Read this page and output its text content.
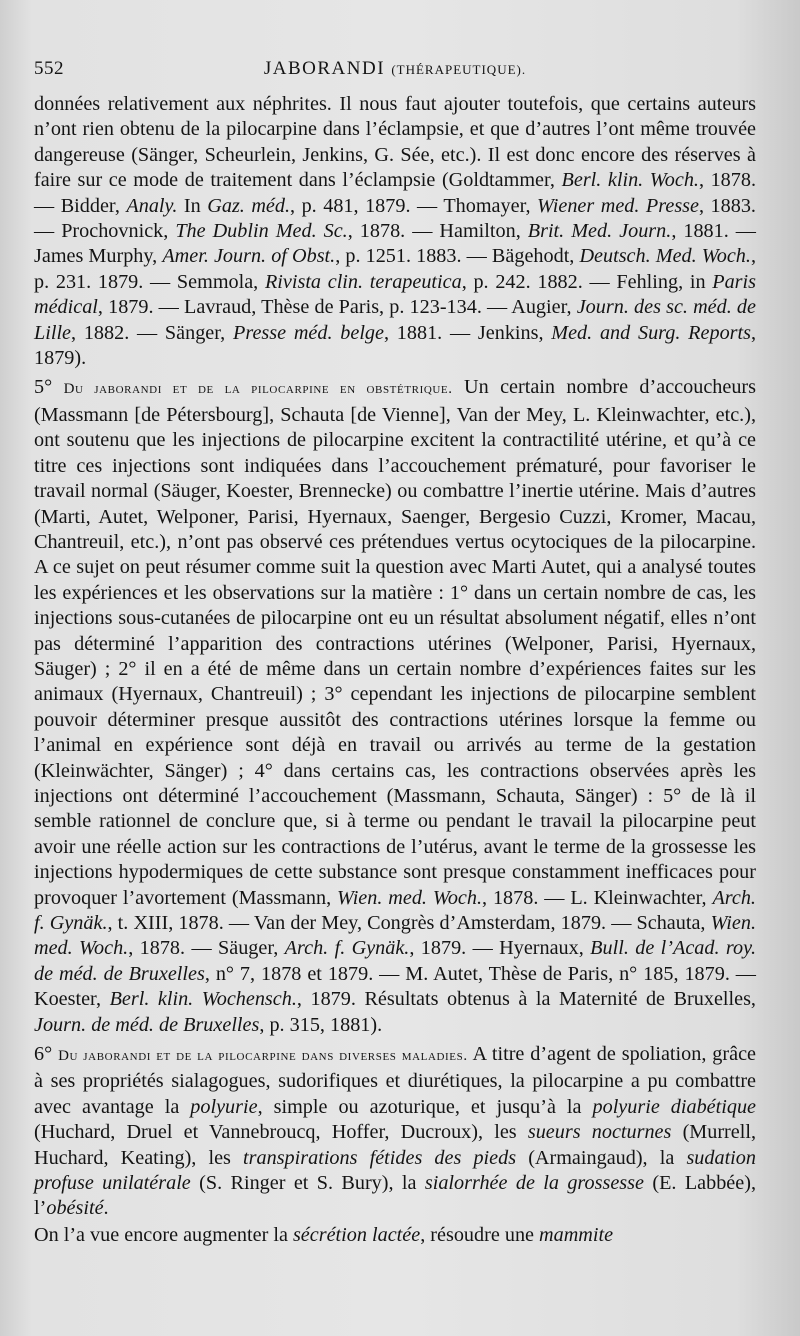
552	JABORANDI (THÉRAPEUTIQUE).

données relativement aux néphrites. Il nous faut ajouter toutefois, que certains auteurs n’ont rien obtenu de la pilocarpine dans l’éclampsie, et que d’autres l’ont même trouvée dangereuse (Sänger, Scheurlein, Jenkins, G. Sée, etc.). Il est donc encore des réserves à faire sur ce mode de traitement dans l’éclampsie (Goldtammer, Berl. klin. Woch., 1878. — Bidder, Analy. In Gaz. méd., p. 481, 1879. — Thomayer, Wiener med. Presse, 1883. — Prochovnick, The Dublin Med. Sc., 1878. — Hamilton, Brit. Med. Journ., 1881. — James Murphy, Amer. Journ. of Obst., p. 1251. 1883. — Bägehodt, Deutsch. Med. Woch., p. 231. 1879. — Semmola, Rivista clin. terapeutica, p. 242. 1882. — Fehling, in Paris médical, 1879. — Lavraud, Thèse de Paris, p. 123-134. — Augier, Journ. des sc. méd. de Lille, 1882. — Sänger, Presse méd. belge, 1881. — Jenkins, Med. and Surg. Reports, 1879).

5° Du jaborandi et de la pilocarpine en obstétrique. Un certain nombre d’accoucheurs (Massmann [de Pétersbourg], Schauta [de Vienne], Van der Mey, L. Kleinwachter, etc.), ont soutenu que les injections de pilocarpine excitent la contractilité utérine, et qu’à ce titre ces injections sont indiquées dans l’accouchement prématuré, pour favoriser le travail normal (Säuger, Koester, Brennecke) ou combattre l’inertie utérine. Mais d’autres (Marti, Autet, Welponer, Parisi, Hyernaux, Saenger, Bergesio Cuzzi, Kromer, Macau, Chantreuil, etc.), n’ont pas observé ces prétendues vertus ocytociques de la pilocarpine. A ce sujet on peut résumer comme suit la question avec Marti Autet, qui a analysé toutes les expériences et les observations sur la matière : 1° dans un certain nombre de cas, les injections sous-cutanées de pilocarpine ont eu un résultat absolument négatif, elles n’ont pas déterminé l’apparition des contractions utérines (Welponer, Parisi, Hyernaux, Säuger) ; 2° il en a été de même dans un certain nombre d’expériences faites sur les animaux (Hyernaux, Chantreuil) ; 3° cependant les injections de pilocarpine semblent pouvoir déterminer presque aussitôt des contractions utérines lorsque la femme ou l’animal en expérience sont déjà en travail ou arrivés au terme de la gestation (Kleinwächter, Sänger) ; 4° dans certains cas, les contractions observées après les injections ont déterminé l’accouchement (Massmann, Schauta, Sänger) : 5° de là il semble rationnel de conclure que, si à terme ou pendant le travail la pilocarpine peut avoir une réelle action sur les contractions de l’utérus, avant le terme de la grossesse les injections hypodermiques de cette substance sont presque constamment inefficaces pour provoquer l’avortement (Massmann, Wien. med. Woch., 1878. — L. Kleinwachter, Arch. f. Gynäk., t. XIII, 1878. — Van der Mey, Congrès d’Amsterdam, 1879. — Schauta, Wien. med. Woch., 1878. — Säuger, Arch. f. Gynäk., 1879. — Hyernaux, Bull. de l’Acad. roy. de méd. de Bruxelles, n° 7, 1878 et 1879. — M. Autet, Thèse de Paris, n° 185, 1879. — Koester, Berl. klin. Wochensch., 1879. Résultats obtenus à la Maternité de Bruxelles, Journ. de méd. de Bruxelles, p. 315, 1881).

6° Du jaborandi et de la pilocarpine dans diverses maladies. A titre d’agent de spoliation, grâce à ses propriétés sialagogues, sudorifiques et diurétiques, la pilocarpine a pu combattre avec avantage la polyurie, simple ou azoturique, et jusqu’à la polyurie diabétique (Huchard, Druel et Vannebroucq, Hoffer, Ducroux), les sueurs nocturnes (Murrell, Huchard, Keating), les transpirations fétides des pieds (Armaingaud), la sudation profuse unilatérale (S. Ringer et S. Bury), la sialorrhée de la grossesse (E. Labbée), l’obésité.

On l’a vue encore augmenter la sécrétion lactée, résoudre une mammite
